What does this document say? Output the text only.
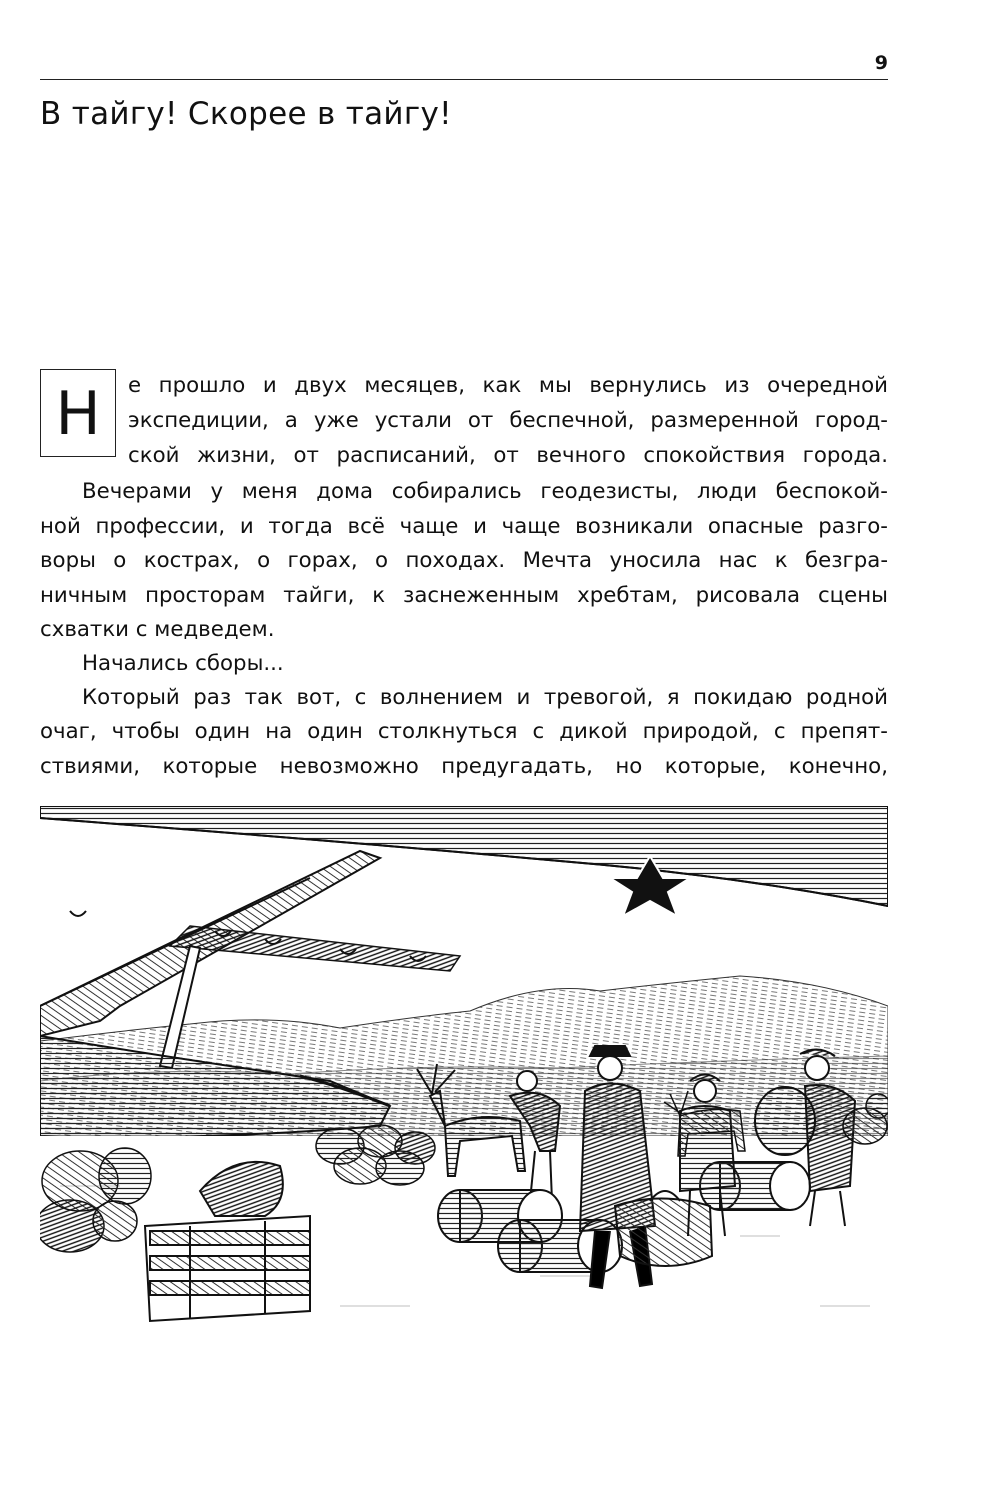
9
В тайгу! Скорее в тайгу!
Н	е прошло и двух месяцев, как мы вернулись из очередной
экспедиции, а уже устали от беспечной, размеренной город-
ской жизни, от расписаний, от вечного спокойствия города.
Вечерами у меня дома собирались геодезисты, люди беспокой-
ной профессии, и тогда всё чаще и чаще возникали опасные разго-
воры о кострах, о горах, о походах. Мечта уносила нас к безгра-
ничным просторам тайги, к заснеженным хребтам, рисовала сцены
схватки с медведем.
Начались сборы...
Который раз так вот, с волнением и тревогой, я покидаю родной
очаг, чтобы один на один столкнуться с дикой природой, с препят-
ствиями, которые невозможно предугадать, но которые, конечно,
